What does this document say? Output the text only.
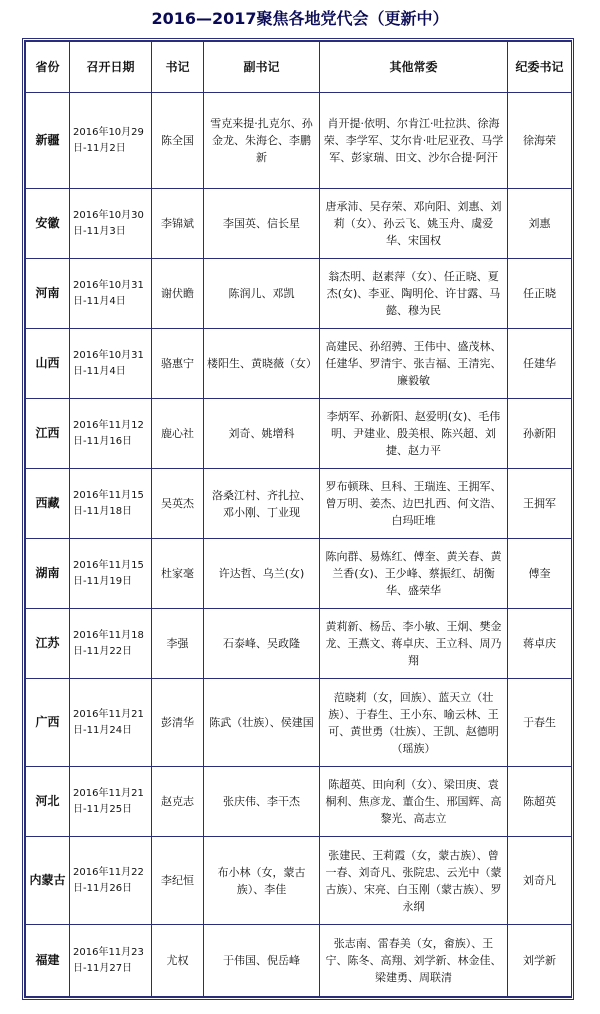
2016—2017聚焦各地党代会（更新中）
省份	召开日期	书记	副书记	其他常委	纪委书记
新疆	2016年10月29日-11月2日	陈全国	雪克来提·扎克尔、孙金龙、朱海仑、李鹏新	肖开提·依明、尔肯江·吐拉洪、徐海荣、李学军、艾尔肯·吐尼亚孜、马学军、彭家瑞、田文、沙尔合提·阿汗	徐海荣
安徽	2016年10月30日-11月3日	李锦斌	李国英、信长星	唐承沛、吴存荣、邓向阳、刘惠、刘莉（女）、孙云飞、姚玉舟、虞爱华、宋国权	刘惠
河南	2016年10月31日-11月4日	谢伏瞻	陈润儿、邓凯	翁杰明、赵素萍（女）、任正晓、夏杰(女)、李亚、陶明伦、许甘露、马懿、穆为民	任正晓
山西	2016年10月31日-11月4日	骆惠宁	楼阳生、黄晓薇（女）	高建民、孙绍骋、王伟中、盛茂林、任建华、罗清宇、张吉福、王清宪、廉毅敏	任建华
江西	2016年11月12日-11月16日	鹿心社	刘奇、姚增科	李炳军、孙新阳、赵爱明(女)、毛伟明、尹建业、殷美根、陈兴超、刘捷、赵力平	孙新阳
西藏	2016年11月15日-11月18日	吴英杰	洛桑江村、齐扎拉、邓小刚、丁业现	罗布顿珠、旦科、王瑞连、王拥军、曾万明、姜杰、边巴扎西、何文浩、白玛旺堆	王拥军
湖南	2016年11月15日-11月19日	杜家毫	许达哲、乌兰(女)	陈向群、易炼红、傅奎、黄关春、黄兰香(女)、王少峰、蔡振红、胡衡华、盛荣华	傅奎
江苏	2016年11月18日-11月22日	李强	石泰峰、吴政隆	黄莉新、杨岳、李小敏、王炯、樊金龙、王燕文、蒋卓庆、王立科、周乃翔	蒋卓庆
广西	2016年11月21日-11月24日	彭清华	陈武（壮族）、侯建国	范晓莉（女，回族）、蓝天立（壮族）、于春生、王小东、喻云林、王可、黄世勇（壮族）、王凯、赵德明（瑶族）	于春生
河北	2016年11月21日-11月25日	赵克志	张庆伟、李干杰	陈超英、田向利（女）、梁田庚、袁桐利、焦彦龙、董仚生、邢国辉、高黎光、高志立	陈超英
内蒙古	2016年11月22日-11月26日	李纪恒	布小林（女，蒙古族）、李佳	张建民、王莉霞（女，蒙古族）、曾一春、刘奇凡、张院忠、云光中（蒙古族）、宋亮、白玉刚（蒙古族）、罗永纲	刘奇凡
福建	2016年11月23日-11月27日	尤权	于伟国、倪岳峰	张志南、雷春美（女，畲族）、王宁、陈冬、高翔、刘学新、林金佳、梁建勇、周联清	刘学新
